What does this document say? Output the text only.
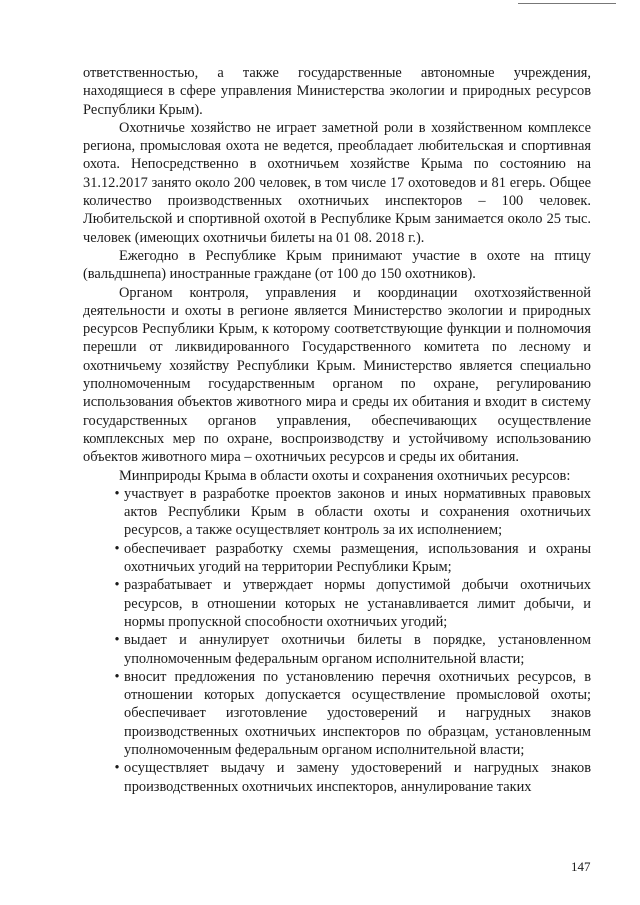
ответственностью, а также государственные автономные учреждения, находящиеся в сфере управления Министерства экологии и природных ресурсов Республики Крым).

Охотничье хозяйство не играет заметной роли в хозяйственном комплексе региона, промысловая охота не ведется, преобладает любительская и спортивная охота. Непосредственно в охотничьем хозяйстве Крыма по состоянию на 31.12.2017 занято около 200 человек, в том числе 17 охотоведов и 81 егерь. Общее количество производственных охотничьих инспекторов – 100 человек. Любительской и спортивной охотой в Республике Крым занимается около 25 тыс. человек (имеющих охотничьи билеты на 01 08. 2018 г.).

Ежегодно в Республике Крым принимают участие в охоте на птицу (вальдшнепа) иностранные граждане (от 100 до 150 охотников).

Органом контроля, управления и координации охотхозяйственной деятельности и охоты в регионе является Министерство экологии и природных ресурсов Республики Крым, к которому соответствующие функции и полномочия перешли от ликвидированного Государственного комитета по лесному и охотничьему хозяйству Республики Крым. Министерство является специально уполномоченным государственным органом по охране, регулированию использования объектов животного мира и среды их обитания и входит в систему государственных органов управления, обеспечивающих осуществление комплексных мер по охране, воспроизводству и устойчивому использованию объектов животного мира – охотничьих ресурсов и среды их обитания.

Минприроды Крыма в области охоты и сохранения охотничьих ресурсов:

• участвует в разработке проектов законов и иных нормативных правовых актов Республики Крым в области охоты и сохранения охотничьих ресурсов, а также осуществляет контроль за их исполнением;
• обеспечивает разработку схемы размещения, использования и охраны охотничьих угодий на территории Республики Крым;
• разрабатывает и утверждает нормы допустимой добычи охотничьих ресурсов, в отношении которых не устанавливается лимит добычи, и нормы пропускной способности охотничьих угодий;
• выдает и аннулирует охотничьи билеты в порядке, установленном уполномоченным федеральным органом исполнительной власти;
• вносит предложения по установлению перечня охотничьих ресурсов, в отношении которых допускается осуществление промысловой охоты; обеспечивает изготовление удостоверений и нагрудных знаков производственных охотничьих инспекторов по образцам, установленным уполномоченным федеральным органом исполнительной власти;
• осуществляет выдачу и замену удостоверений и нагрудных знаков производственных охотничьих инспекторов, аннулирование таких
147
